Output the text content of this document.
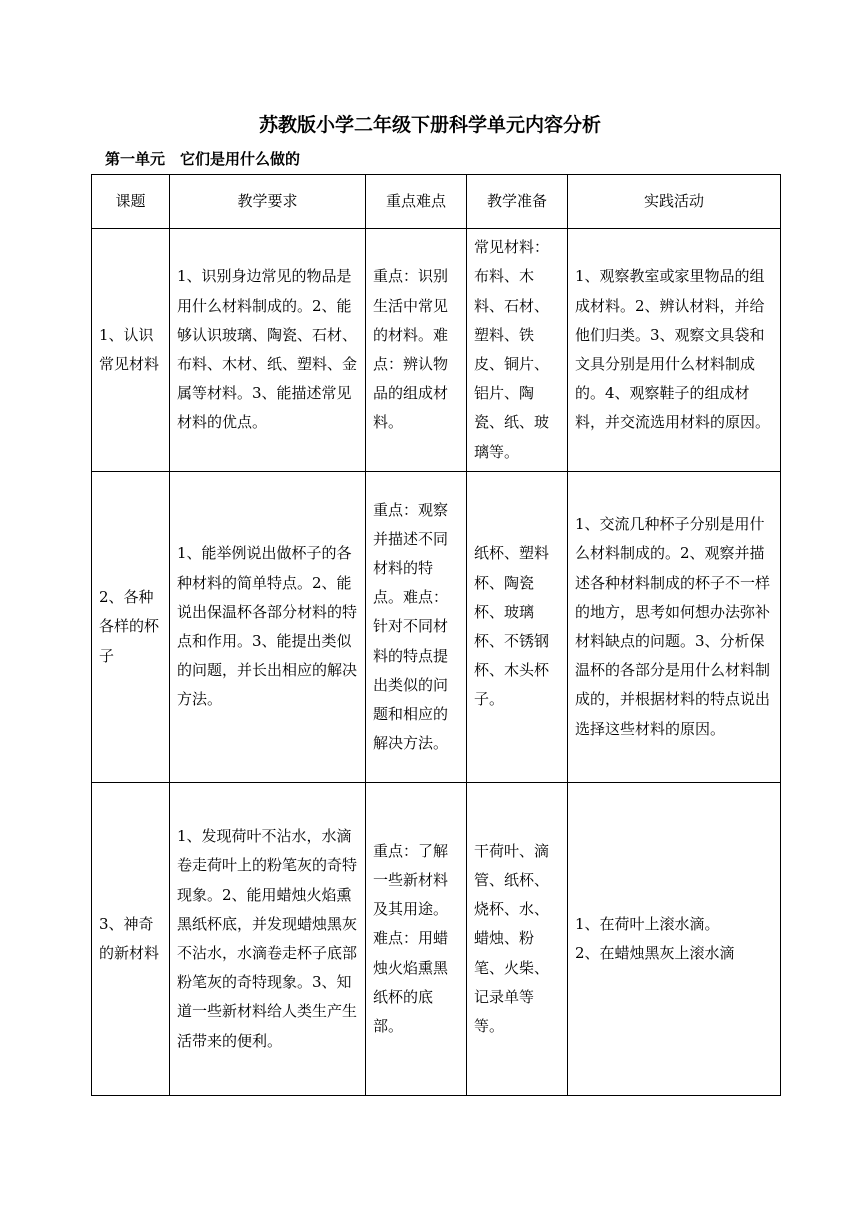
苏教版小学二年级下册科学单元内容分析
第一单元　它们是用什么做的
课题	教学要求	重点难点	教学准备	实践活动
1、认识常见材料	1、识别身边常见的物品是用什么材料制成的。2、能够认识玻璃、陶瓷、石材、布料、木材、纸、塑料、金属等材料。3、能描述常见材料的优点。	重点：识别生活中常见的材料。难点：辨认物品的组成材料。	常见材料：布料、木料、石材、塑料、铁皮、铜片、铝片、陶瓷、纸、玻璃等。	1、观察教室或家里物品的组成材料。2、辨认材料，并给他们归类。3、观察文具袋和文具分别是用什么材料制成的。4、观察鞋子的组成材料，并交流选用材料的原因。
2、各种各样的杯子	1、能举例说出做杯子的各种材料的简单特点。2、能说出保温杯各部分材料的特点和作用。3、能提出类似的问题，并长出相应的解决方法。	重点：观察并描述不同材料的特点。难点：针对不同材料的特点提出类似的问题和相应的解决方法。	纸杯、塑料杯、陶瓷杯、玻璃杯、不锈钢杯、木头杯子。	1、交流几种杯子分别是用什么材料制成的。2、观察并描述各种材料制成的杯子不一样的地方，思考如何想办法弥补材料缺点的问题。3、分析保温杯的各部分是用什么材料制成的，并根据材料的特点说出选择这些材料的原因。
3、神奇的新材料	1、发现荷叶不沾水，水滴卷走荷叶上的粉笔灰的奇特现象。2、能用蜡烛火焰熏黑纸杯底，并发现蜡烛黑灰不沾水，水滴卷走杯子底部粉笔灰的奇特现象。3、知道一些新材料给人类生产生活带来的便利。	重点：了解一些新材料及其用途。难点：用蜡烛火焰熏黑纸杯的底部。	干荷叶、滴管、纸杯、烧杯、水、蜡烛、粉笔、火柴、记录单等等。	1、在荷叶上滚水滴。
2、在蜡烛黑灰上滚水滴
